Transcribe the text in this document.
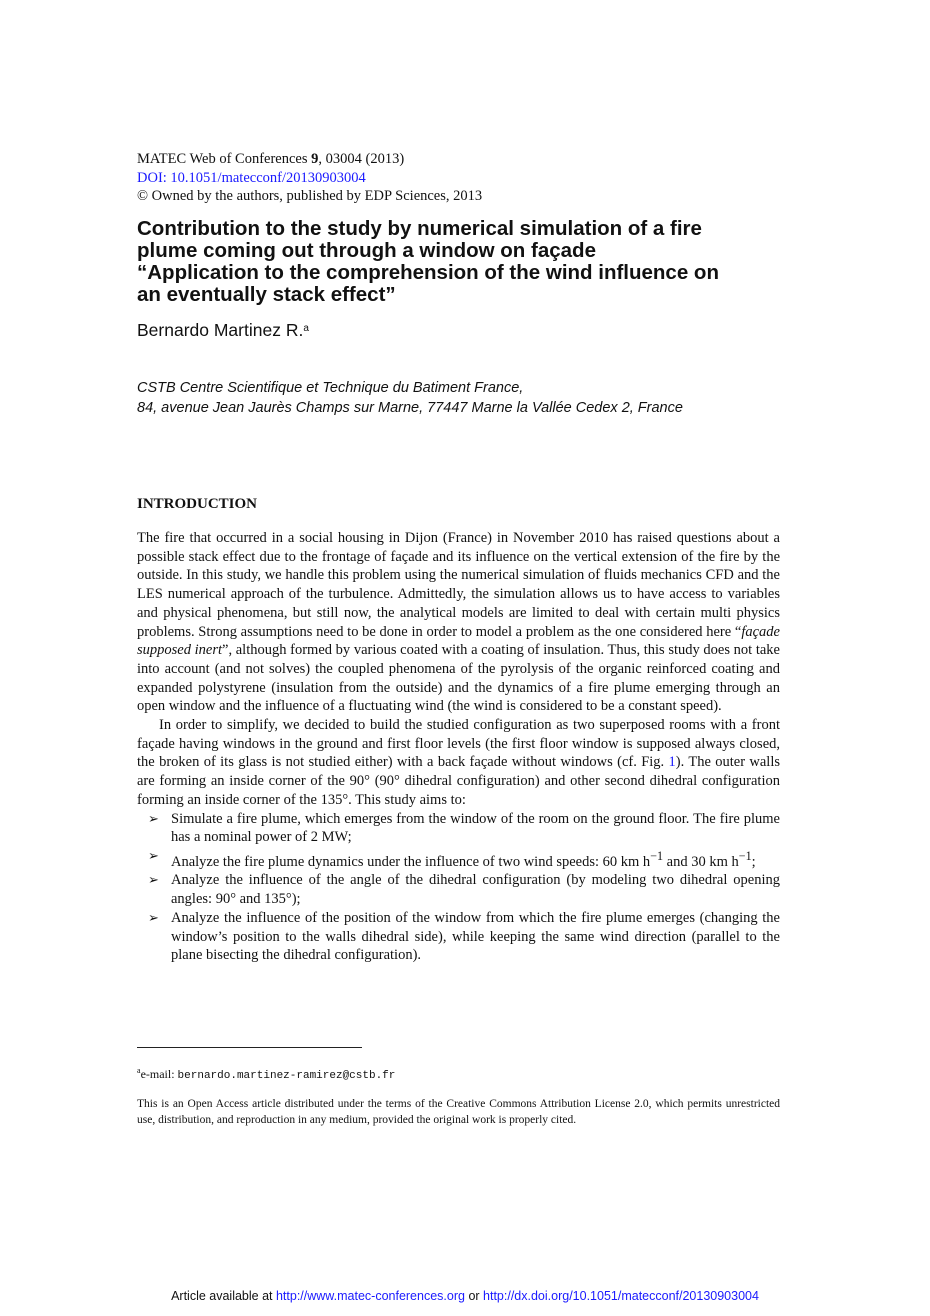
MATEC Web of Conferences 9, 03004 (2013)
DOI: 10.1051/matecconf/20130903004
© Owned by the authors, published by EDP Sciences, 2013
Contribution to the study by numerical simulation of a fire
plume coming out through a window on façade
“Application to the comprehension of the wind influence on
an eventually stack effect”
Bernardo Martinez R.$^a$
CSTB Centre Scientifique et Technique du Batiment France,
84, avenue Jean Jaurès Champs sur Marne, 77447 Marne la Vallée Cedex 2, France
INTRODUCTION

The fire that occurred in a social housing in Dijon (France) in November 2010 has raised questions about a possible stack effect due to the frontage of façade and its influence on the vertical extension of the fire by the outside. In this study, we handle this problem using the numerical simulation of fluids mechanics CFD and the LES numerical approach of the turbulence. Admittedly, the simulation allows us to have access to variables and physical phenomena, but still now, the analytical models are limited to deal with certain multi physics problems. Strong assumptions need to be done in order to model a problem as the one considered here “façade supposed inert”, although formed by various coated with a coating of insulation. Thus, this study does not take into account (and not solves) the coupled phenomena of the pyrolysis of the organic reinforced coating and expanded polystyrene (insulation from the outside) and the dynamics of a fire plume emerging through an open window and the influence of a fluctuating wind (the wind is considered to be a constant speed).

In order to simplify, we decided to build the studied configuration as two superposed rooms with a front façade having windows in the ground and first floor levels (the first floor window is supposed always closed, the broken of its glass is not studied either) with a back façade without windows (cf. Fig. 1). The outer walls are forming an inside corner of the 90° (90° dihedral configuration) and other second dihedral configuration forming an inside corner of the 135°. This study aims to:

➢ Simulate a fire plume, which emerges from the window of the room on the ground floor. The fire plume has a nominal power of 2 MW;
➢ Analyze the fire plume dynamics under the influence of two wind speeds: 60 km $h^{-1}$ and 30 km $h^{-1}$;
➢ Analyze the influence of the angle of the dihedral configuration (by modeling two dihedral opening angles: 90° and 135°);
➢ Analyze the influence of the position of the window from which the fire plume emerges (changing the window’s position to the walls dihedral side), while keeping the same wind direction (parallel to the plane bisecting the dihedral configuration).
$^a$e-mail: bernardo.martinez-ramirez@cstb.fr
This is an Open Access article distributed under the terms of the Creative Commons Attribution License 2.0, which permits unrestricted use, distribution, and reproduction in any medium, provided the original work is properly cited.
Article available at http://www.matec-conferences.org or http://dx.doi.org/10.1051/matecconf/20130903004
